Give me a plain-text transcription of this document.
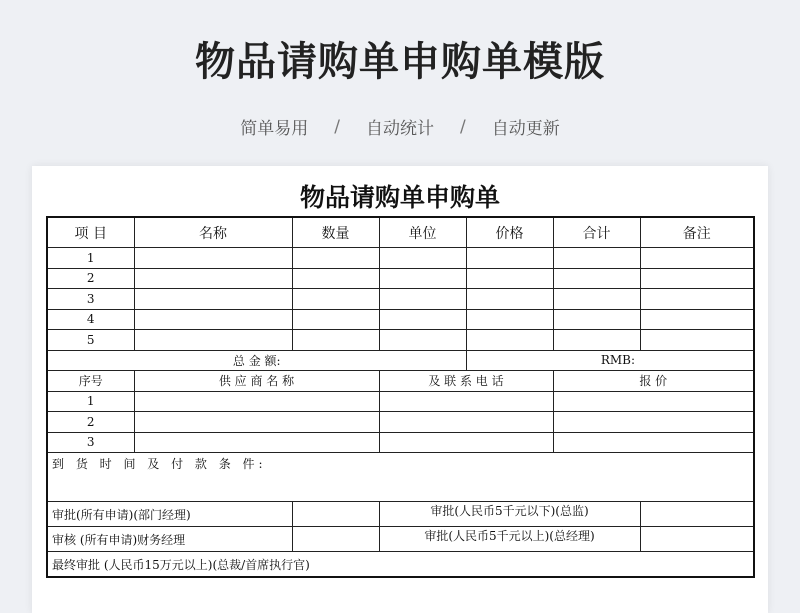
物品请购单申购单模版
简单易用 / 自动统计 / 自动更新
物品请购单申购单
项 目	名称	数量	单位	价格	合计	备注
1						
2						
3						
4						
5						
总 金 额:				RMB:		
序号	供 应 商 名 称		及 联 系 电 话		报 价	
1						
2						
3						
到 货 时 间 及 付 款 条 件:						
审批(所有申请)(部门经理)			审批(人民币5千元以下)(总监)			
审核 (所有申请)财务经理			审批(人民币5千元以上)(总经理)			
最终审批 (人民币15万元以上)(总裁/首席执行官)						
